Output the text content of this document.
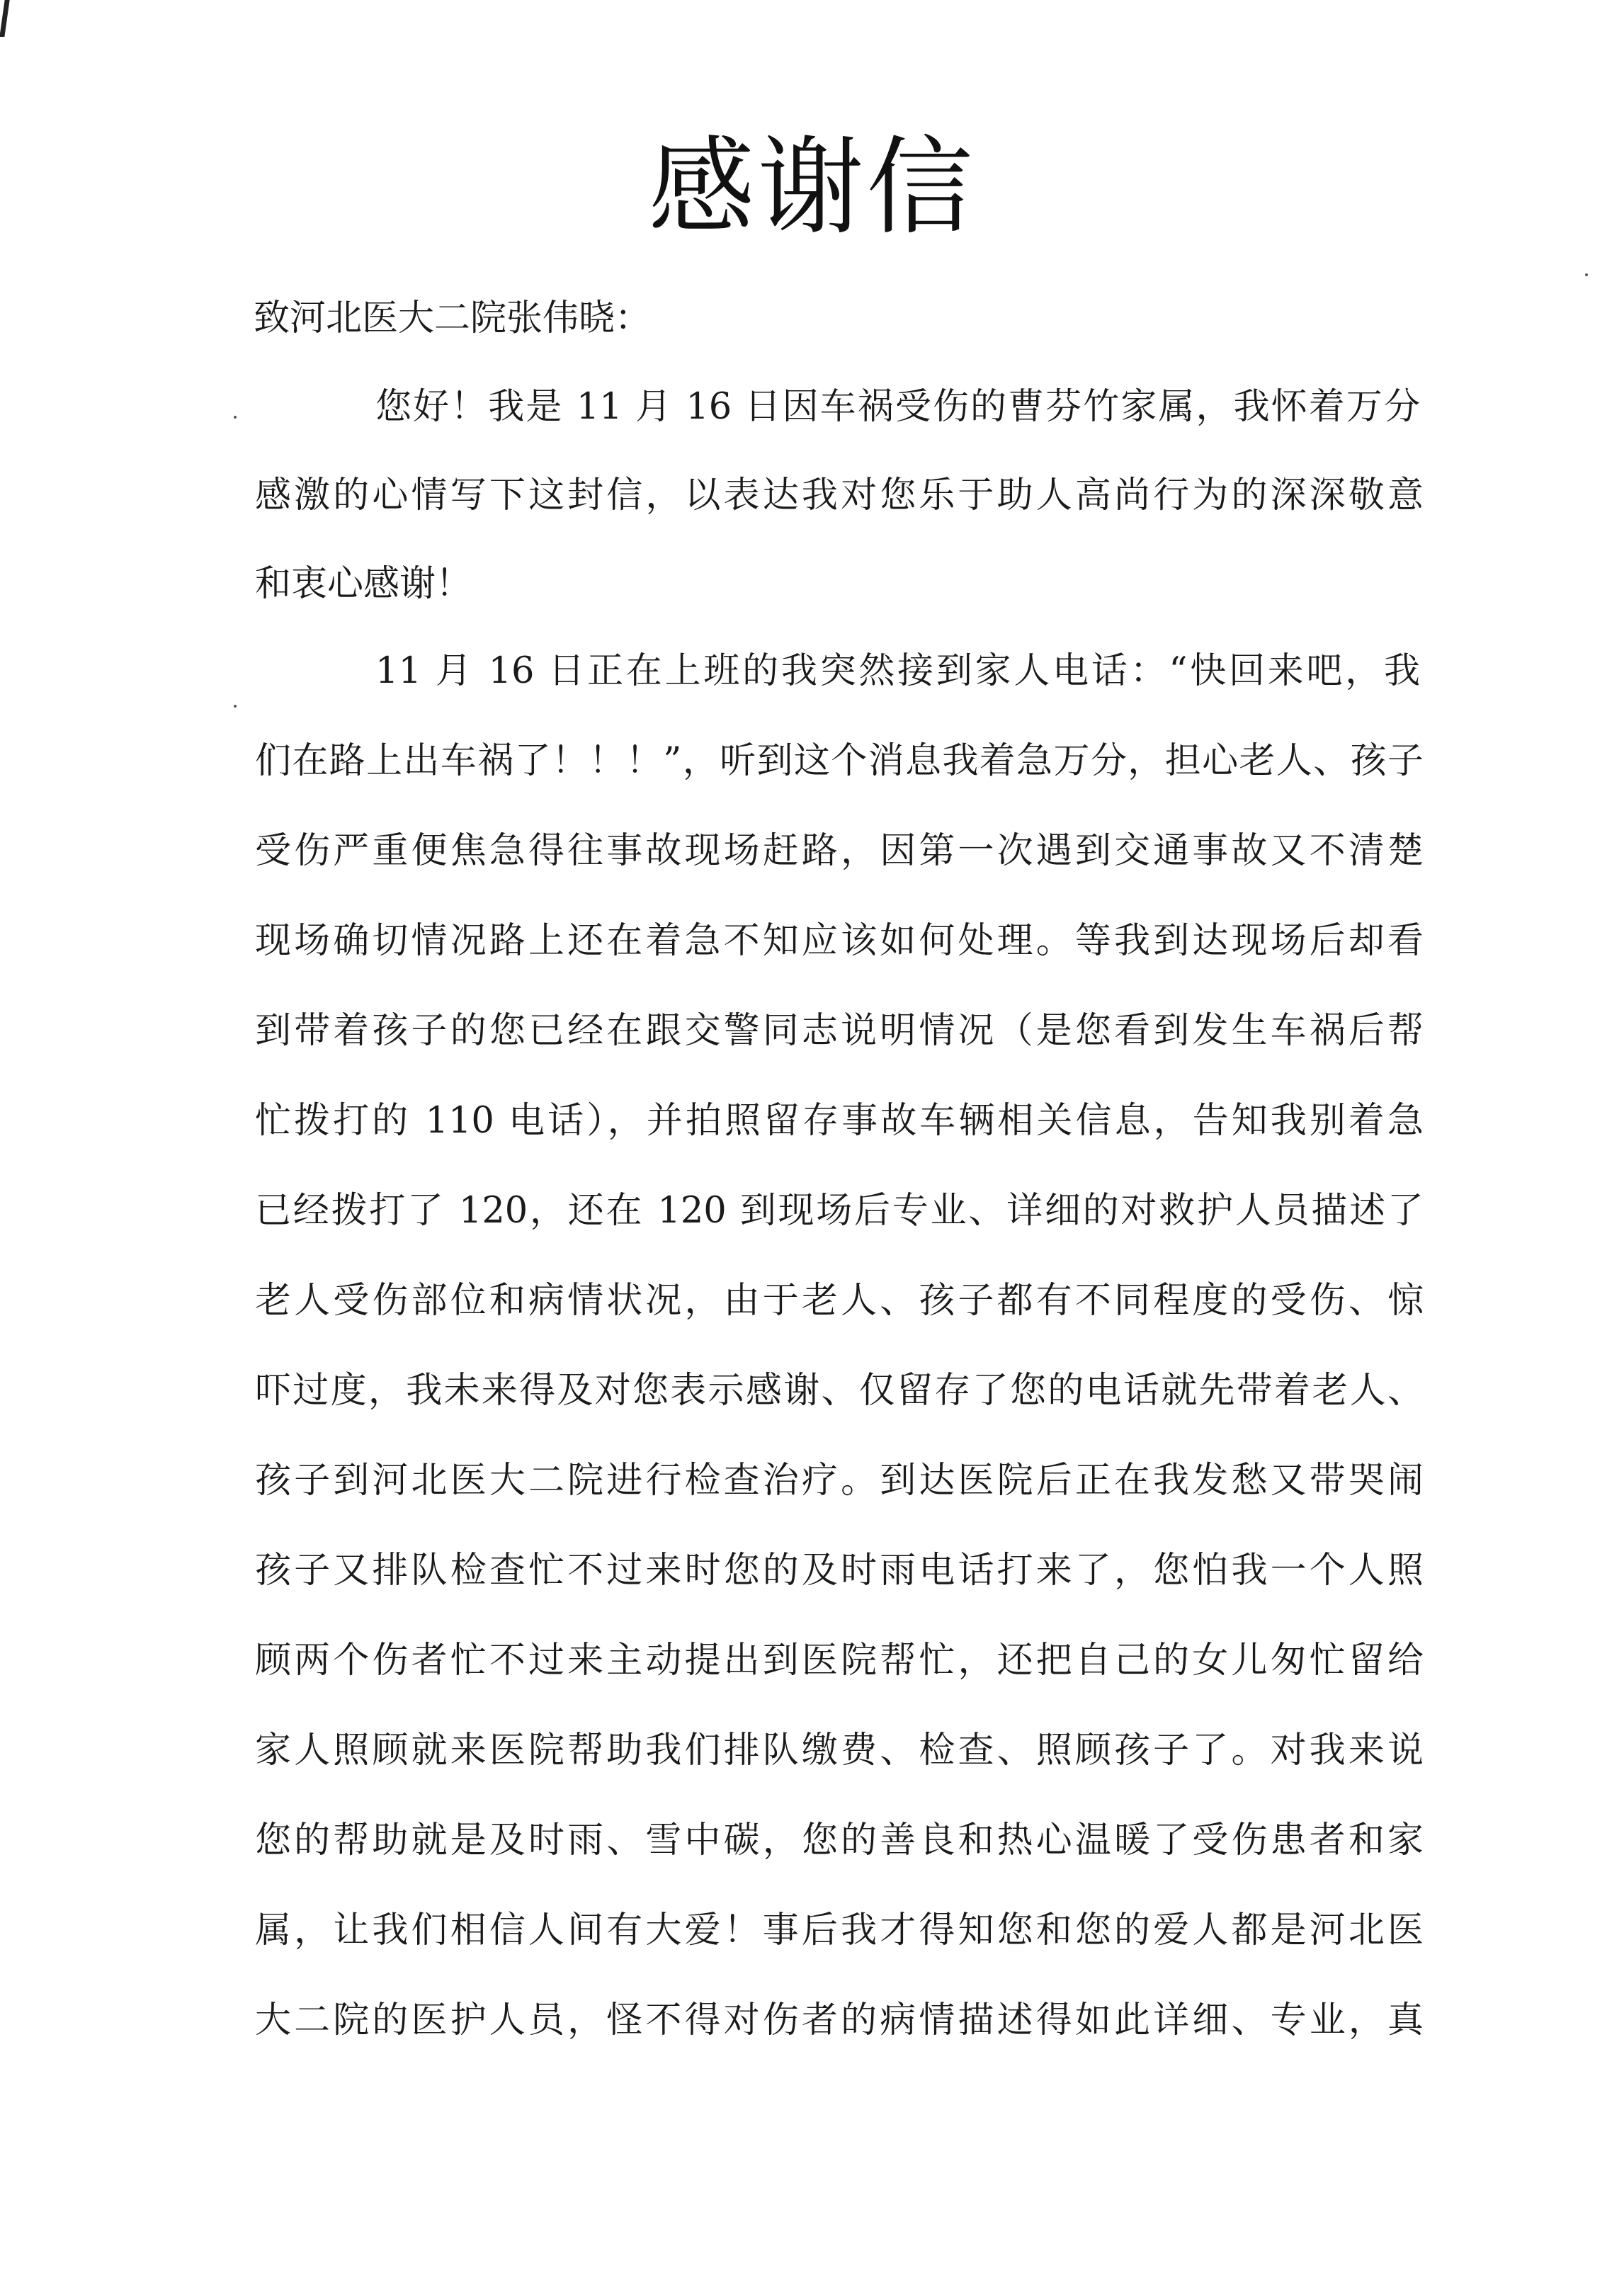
感谢信
致河北医大二院张伟晓：
您好！我是 11 月 16 日因车祸受伤的曹芬竹家属，我怀着万分
感激的心情写下这封信，以表达我对您乐于助人高尚行为的深深敬意
和衷心感谢！
11 月 16 日正在上班的我突然接到家人电话：“快回来吧，我
们在路上出车祸了！！！”，听到这个消息我着急万分，担心老人、孩子
受伤严重便焦急得往事故现场赶路，因第一次遇到交通事故又不清楚
现场确切情况路上还在着急不知应该如何处理。等我到达现场后却看
到带着孩子的您已经在跟交警同志说明情况（是您看到发生车祸后帮
忙拨打的 110 电话），并拍照留存事故车辆相关信息，告知我别着急
已经拨打了 120，还在 120 到现场后专业、详细的对救护人员描述了
老人受伤部位和病情状况，由于老人、孩子都有不同程度的受伤、惊
吓过度，我未来得及对您表示感谢、仅留存了您的电话就先带着老人、
孩子到河北医大二院进行检查治疗。到达医院后正在我发愁又带哭闹
孩子又排队检查忙不过来时您的及时雨电话打来了，您怕我一个人照
顾两个伤者忙不过来主动提出到医院帮忙，还把自己的女儿匆忙留给
家人照顾就来医院帮助我们排队缴费、检查、照顾孩子了。对我来说
您的帮助就是及时雨、雪中碳，您的善良和热心温暖了受伤患者和家
属，让我们相信人间有大爱！事后我才得知您和您的爱人都是河北医
大二院的医护人员，怪不得对伤者的病情描述得如此详细、专业，真
